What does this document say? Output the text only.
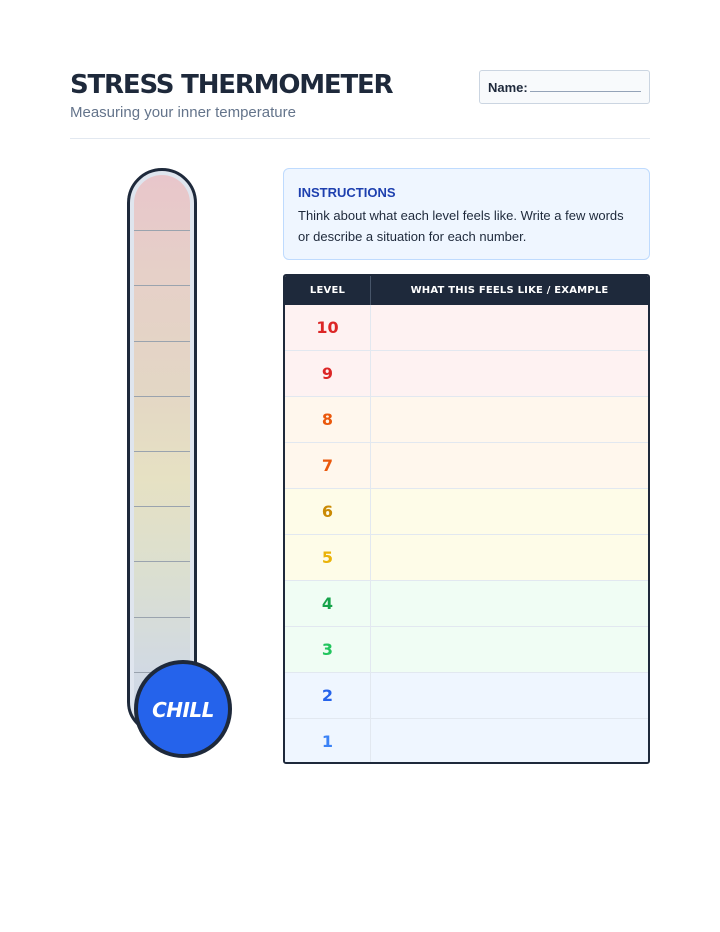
STRESS THERMOMETER
Measuring your inner temperature
Name:
CHILL
INSTRUCTIONS
Think about what each level feels like. Write a few words or describe a situation for each number.
LEVEL	WHAT THIS FEELS LIKE / EXAMPLE
10
9
8
7
6
5
4
3
2
1
